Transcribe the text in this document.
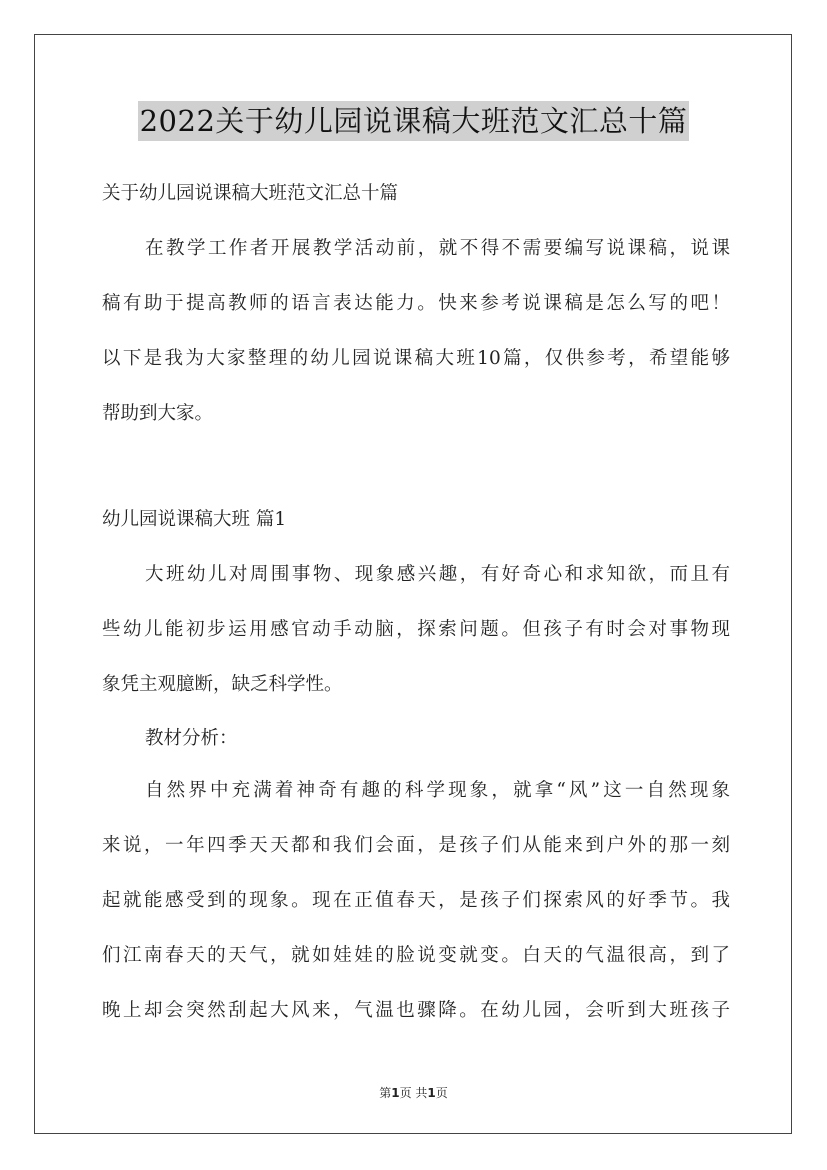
2022关于幼儿园说课稿大班范文汇总十篇
关于幼儿园说课稿大班范文汇总十篇
在教学工作者开展教学活动前，就不得不需要编写说课稿，说课
稿有助于提高教师的语言表达能力。快来参考说课稿是怎么写的吧！
以下是我为大家整理的幼儿园说课稿大班10篇，仅供参考，希望能够
帮助到大家。
幼儿园说课稿大班 篇1
大班幼儿对周围事物、现象感兴趣，有好奇心和求知欲，而且有
些幼儿能初步运用感官动手动脑，探索问题。但孩子有时会对事物现
象凭主观臆断，缺乏科学性。
教材分析：
自然界中充满着神奇有趣的科学现象，就拿“风”这一自然现象
来说，一年四季天天都和我们会面，是孩子们从能来到户外的那一刻
起就能感受到的现象。现在正值春天，是孩子们探索风的好季节。我
们江南春天的天气，就如娃娃的脸说变就变。白天的气温很高，到了
晚上却会突然刮起大风来，气温也骤降。在幼儿园，会听到大班孩子
第1页 共1页
